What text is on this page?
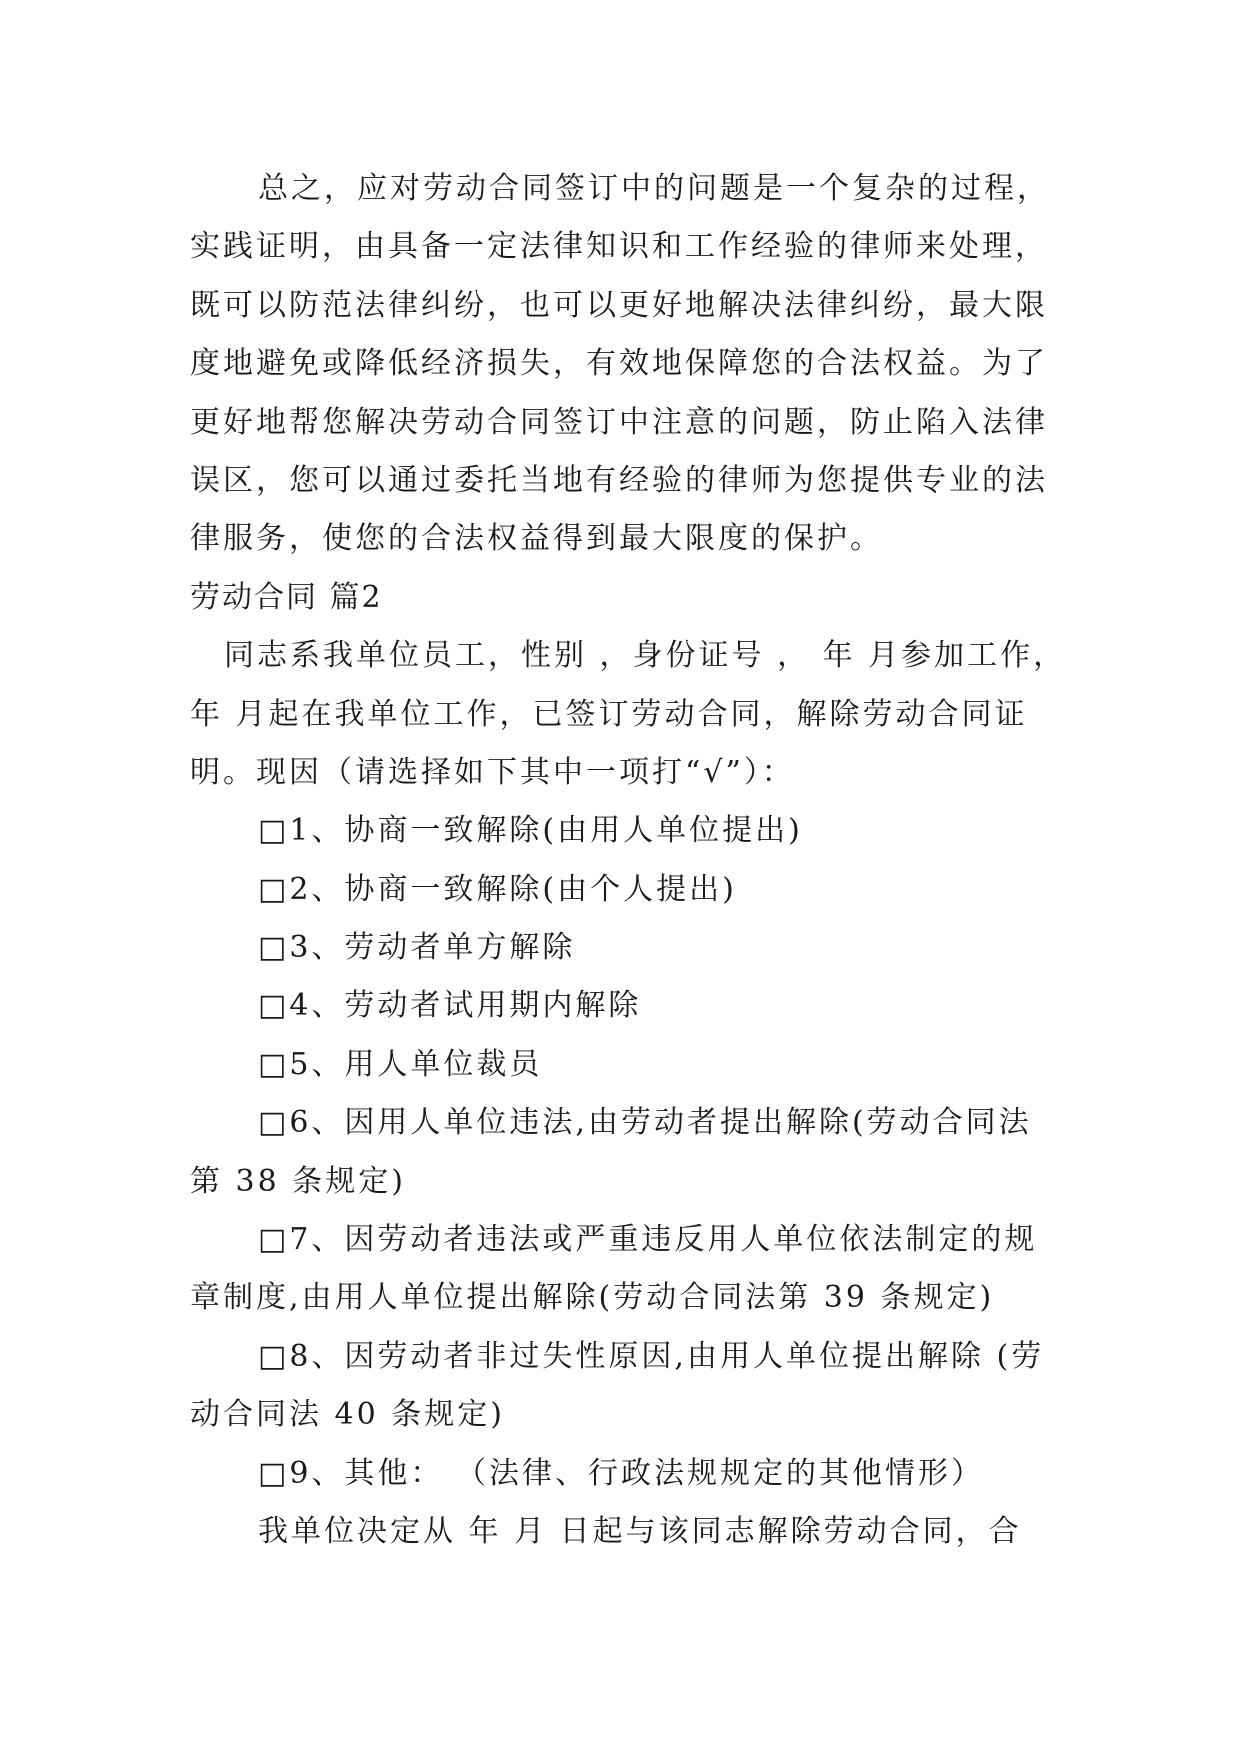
总之，应对劳动合同签订中的问题是一个复杂的过程，
实践证明，由具备一定法律知识和工作经验的律师来处理，
既可以防范法律纠纷，也可以更好地解决法律纠纷，最大限
度地避免或降低经济损失，有效地保障您的合法权益。为了
更好地帮您解决劳动合同签订中注意的问题，防止陷入法律
误区，您可以通过委托当地有经验的律师为您提供专业的法
律服务，使您的合法权益得到最大限度的保护。
劳动合同 篇2
同志系我单位员工，性别 ，身份证号 ， 年 月参加工作，
年 月起在我单位工作，已签订劳动合同，解除劳动合同证
明。现因（请选择如下其中一项打“√”）：
□1、协商一致解除(由用人单位提出)
□2、协商一致解除(由个人提出)
□3、劳动者单方解除
□4、劳动者试用期内解除
□5、用人单位裁员
□6、因用人单位违法,由劳动者提出解除(劳动合同法
第 38 条规定)
□7、因劳动者违法或严重违反用人单位依法制定的规
章制度,由用人单位提出解除(劳动合同法第 39 条规定)
□8、因劳动者非过失性原因,由用人单位提出解除 (劳
动合同法 40 条规定)
□9、其他： （法律、行政法规规定的其他情形）
我单位决定从 年 月 日起与该同志解除劳动合同，合
